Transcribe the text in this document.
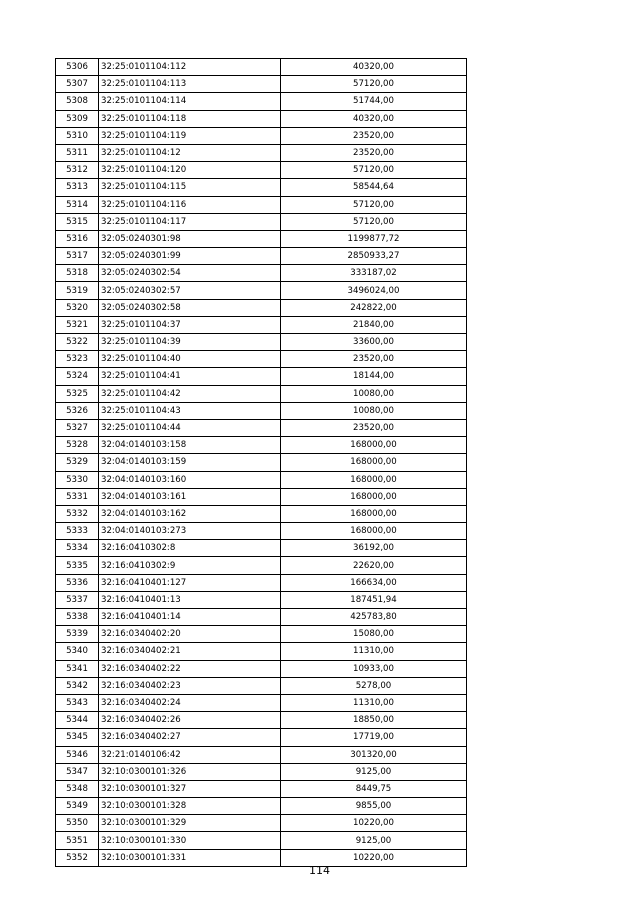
5306	32:25:0101104:112	40320,00
5307	32:25:0101104:113	57120,00
5308	32:25:0101104:114	51744,00
5309	32:25:0101104:118	40320,00
5310	32:25:0101104:119	23520,00
5311	32:25:0101104:12	23520,00
5312	32:25:0101104:120	57120,00
5313	32:25:0101104:115	58544,64
5314	32:25:0101104:116	57120,00
5315	32:25:0101104:117	57120,00
5316	32:05:0240301:98	1199877,72
5317	32:05:0240301:99	2850933,27
5318	32:05:0240302:54	333187,02
5319	32:05:0240302:57	3496024,00
5320	32:05:0240302:58	242822,00
5321	32:25:0101104:37	21840,00
5322	32:25:0101104:39	33600,00
5323	32:25:0101104:40	23520,00
5324	32:25:0101104:41	18144,00
5325	32:25:0101104:42	10080,00
5326	32:25:0101104:43	10080,00
5327	32:25:0101104:44	23520,00
5328	32:04:0140103:158	168000,00
5329	32:04:0140103:159	168000,00
5330	32:04:0140103:160	168000,00
5331	32:04:0140103:161	168000,00
5332	32:04:0140103:162	168000,00
5333	32:04:0140103:273	168000,00
5334	32:16:0410302:8	36192,00
5335	32:16:0410302:9	22620,00
5336	32:16:0410401:127	166634,00
5337	32:16:0410401:13	187451,94
5338	32:16:0410401:14	425783,80
5339	32:16:0340402:20	15080,00
5340	32:16:0340402:21	11310,00
5341	32:16:0340402:22	10933,00
5342	32:16:0340402:23	5278,00
5343	32:16:0340402:24	11310,00
5344	32:16:0340402:26	18850,00
5345	32:16:0340402:27	17719,00
5346	32:21:0140106:42	301320,00
5347	32:10:0300101:326	9125,00
5348	32:10:0300101:327	8449,75
5349	32:10:0300101:328	9855,00
5350	32:10:0300101:329	10220,00
5351	32:10:0300101:330	9125,00
5352	32:10:0300101:331	10220,00
114
